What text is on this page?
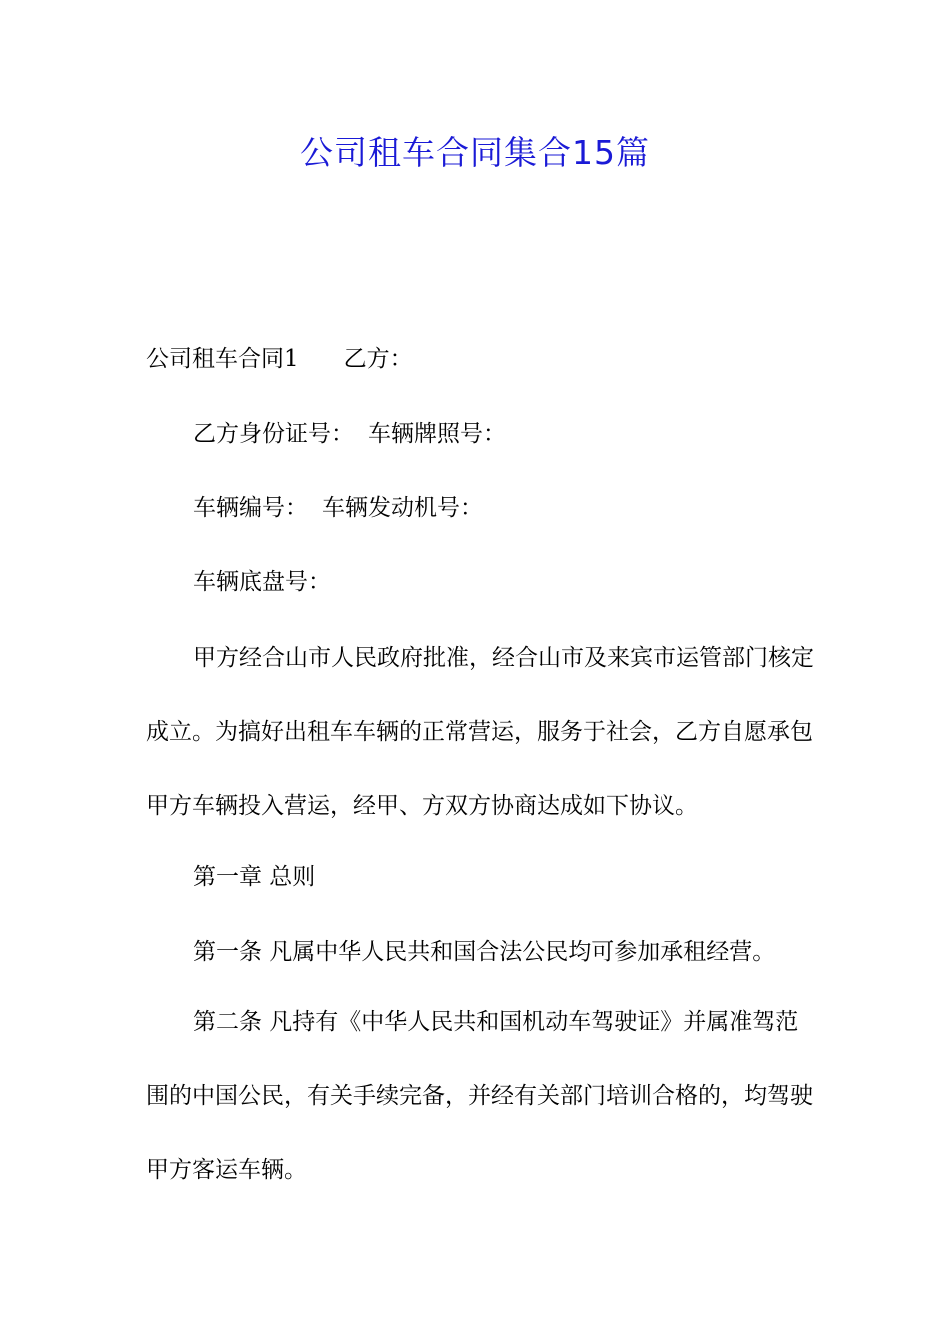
公司租车合同集合15篇
公司租车合同1 乙方：
乙方身份证号： 车辆牌照号：
车辆编号： 车辆发动机号：
车辆底盘号：
甲方经合山市人民政府批准，经合山市及来宾市运管部门核定成立。为搞好出租车车辆的正常营运，服务于社会，乙方自愿承包甲方车辆投入营运，经甲、方双方协商达成如下协议。
第一章 总则
第一条 凡属中华人民共和国合法公民均可参加承租经营。
第二条 凡持有《中华人民共和国机动车驾驶证》并属准驾范围的中国公民，有关手续完备，并经有关部门培训合格的，均驾驶甲方客运车辆。
